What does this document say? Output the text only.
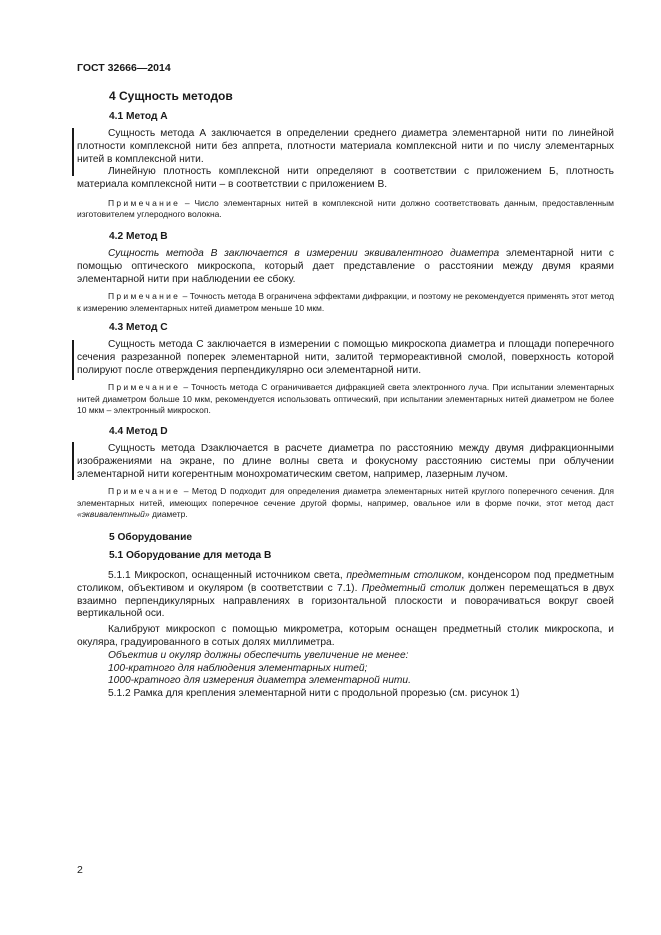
ГОСТ 32666—2014

4 Сущность методов

4.1 Метод А

Сущность метода А заключается в определении среднего диаметра элементарной нити по линейной плотности комплексной нити без аппрета, плотности материала комплексной нити и по числу элементарных нитей в комплексной нити.

Линейную плотность комплексной нити определяют в соответствии с приложением Б, плотность материала комплексной нити – в соответствии с приложением В.

Примечание – Число элементарных нитей в комплексной нити должно соответствовать данным, предоставленным изготовителем углеродного волокна.

4.2 Метод В

Сущность метода В заключается в измерении эквивалентного диаметра элементарной нити с помощью оптического микроскопа, который дает представление о расстоянии между двумя краями элементарной нити при наблюдении ее сбоку.

Примечание – Точность метода В ограничена эффектами дифракции, и поэтому не рекомендуется применять этот метод к измерению элементарных нитей диаметром меньше 10 мкм.

4.3 Метод С

Сущность метода С заключается в измерении с помощью микроскопа диаметра и площади поперечного сечения разрезанной поперек элементарной нити, залитой термореактивной смолой, поверхность которой полируют после отверждения перпендикулярно оси элементарной нити.

Примечание – Точность метода С ограничивается дифракцией света электронного луча. При испытании элементарных нитей диаметром больше 10 мкм, рекомендуется использовать оптический, при испытании элементарных нитей диаметром не более 10 мкм – электронный микроскоп.

4.4 Метод D

Сущность метода Dзаключается в расчете диаметра по расстоянию между двумя дифракционными изображениями на экране, по длине волны света и фокусному расстоянию системы при облучении элементарной нити когерентным монохроматическим светом, например, лазерным лучом.

Примечание – Метод D подходит для определения диаметра элементарных нитей круглого поперечного сечения. Для элементарных нитей, имеющих поперечное сечение другой формы, например, овальное или в форме почки, этот метод даст «эквивалентный» диаметр.

5 Оборудование

5.1 Оборудование для метода В

5.1.1 Микроскоп, оснащенный источником света, предметным столиком, конденсором под предметным столиком, объективом и окуляром (в соответствии с 7.1). Предметный столик должен перемещаться в двух взаимно перпендикулярных направлениях в горизонтальной плоскости и поворачиваться вокруг своей вертикальной оси.

Калибруют микроскоп с помощью микрометра, которым оснащен предметный столик микроскопа, и окуляра, градуированного в сотых долях миллиметра.

Объектив и окуляр должны обеспечить увеличение не менее:

100-кратного для наблюдения элементарных нитей;

1000-кратного для измерения диаметра элементарной нити.

5.1.2 Рамка для крепления элементарной нити с продольной прорезью (см. рисунок 1)

2
